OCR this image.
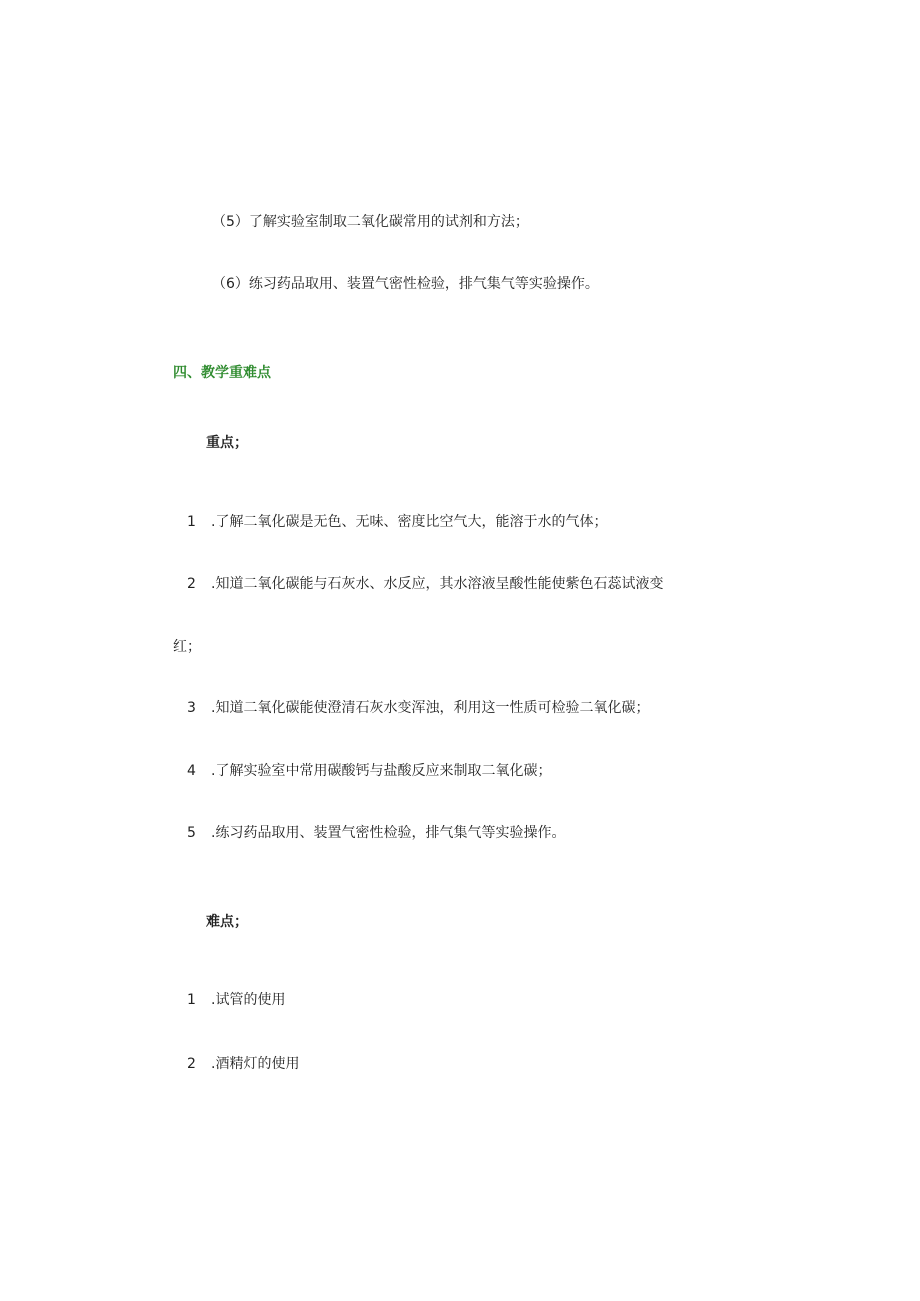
（5）了解实验室制取二氧化碳常用的试剂和方法；
（6）练习药品取用、装置气密性检验，排气集气等实验操作。
四、教学重难点
重点；
1 .了解二氧化碳是无色、无味、密度比空气大，能溶于水的气体；
2 .知道二氧化碳能与石灰水、水反应，其水溶液呈酸性能使紫色石蕊试液变
红；
3 .知道二氧化碳能使澄清石灰水变浑浊，利用这一性质可检验二氧化碳；
4 .了解实验室中常用碳酸钙与盐酸反应来制取二氧化碳；
5 .练习药品取用、装置气密性检验，排气集气等实验操作。
难点；
1 .试管的使用
2 .酒精灯的使用
